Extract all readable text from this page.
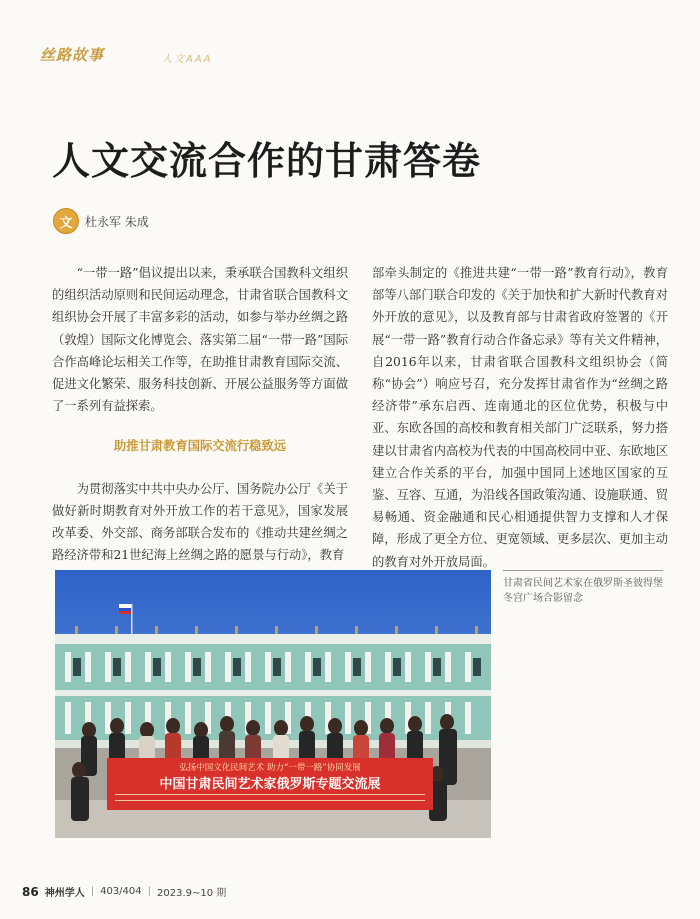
丝路故事	人文AAA
人文交流合作的甘肃答卷
文 杜永军 朱成

“一带一路”倡议提出以来，秉承联合国教科文组织的组织活动原则和民间运动理念，甘肃省联合国教科文组织协会开展了丰富多彩的活动，如参与举办丝绸之路（敦煌）国际文化博览会、落实第二届“一带一路”国际合作高峰论坛相关工作等，在助推甘肃教育国际交流、促进文化繁荣、服务科技创新、开展公益服务等方面做了一系列有益探索。

助推甘肃教育国际交流行稳致远

为贯彻落实中共中央办公厅、国务院办公厅《关于做好新时期教育对外开放工作的若干意见》，国家发展改革委、外交部、商务部联合发布的《推动共建丝绸之路经济带和21世纪海上丝绸之路的愿景与行动》，教育

部牵头制定的《推进共建“一带一路”教育行动》，教育部等八部门联合印发的《关于加快和扩大新时代教育对外开放的意见》，以及教育部与甘肃省政府签署的《开展“一带一路”教育行动合作备忘录》等有关文件精神，自2016年以来，甘肃省联合国教科文组织协会（简称“协会”）响应号召，充分发挥甘肃省作为“丝绸之路经济带”承东启西、连南通北的区位优势，积极与中亚、东欧各国的高校和教育相关部门广泛联系，努力搭建以甘肃省内高校为代表的中国高校同中亚、东欧地区建立合作关系的平台，加强中国同上述地区国家的互鉴、互容、互通，为沿线各国政策沟通、设施联通、贸易畅通、资金融通和民心相通提供智力支撑和人才保障，形成了更全方位、更宽领域、更多层次、更加主动的教育对外开放局面。

弘扬中国文化民间艺术 助力“一带一路”协同发展
中国甘肃民间艺术家俄罗斯专题交流展
甘肃省民间艺术家在俄罗斯圣彼得堡冬宫广场合影留念
86 神州学人 | 403/404 | 2023.9~10 期
